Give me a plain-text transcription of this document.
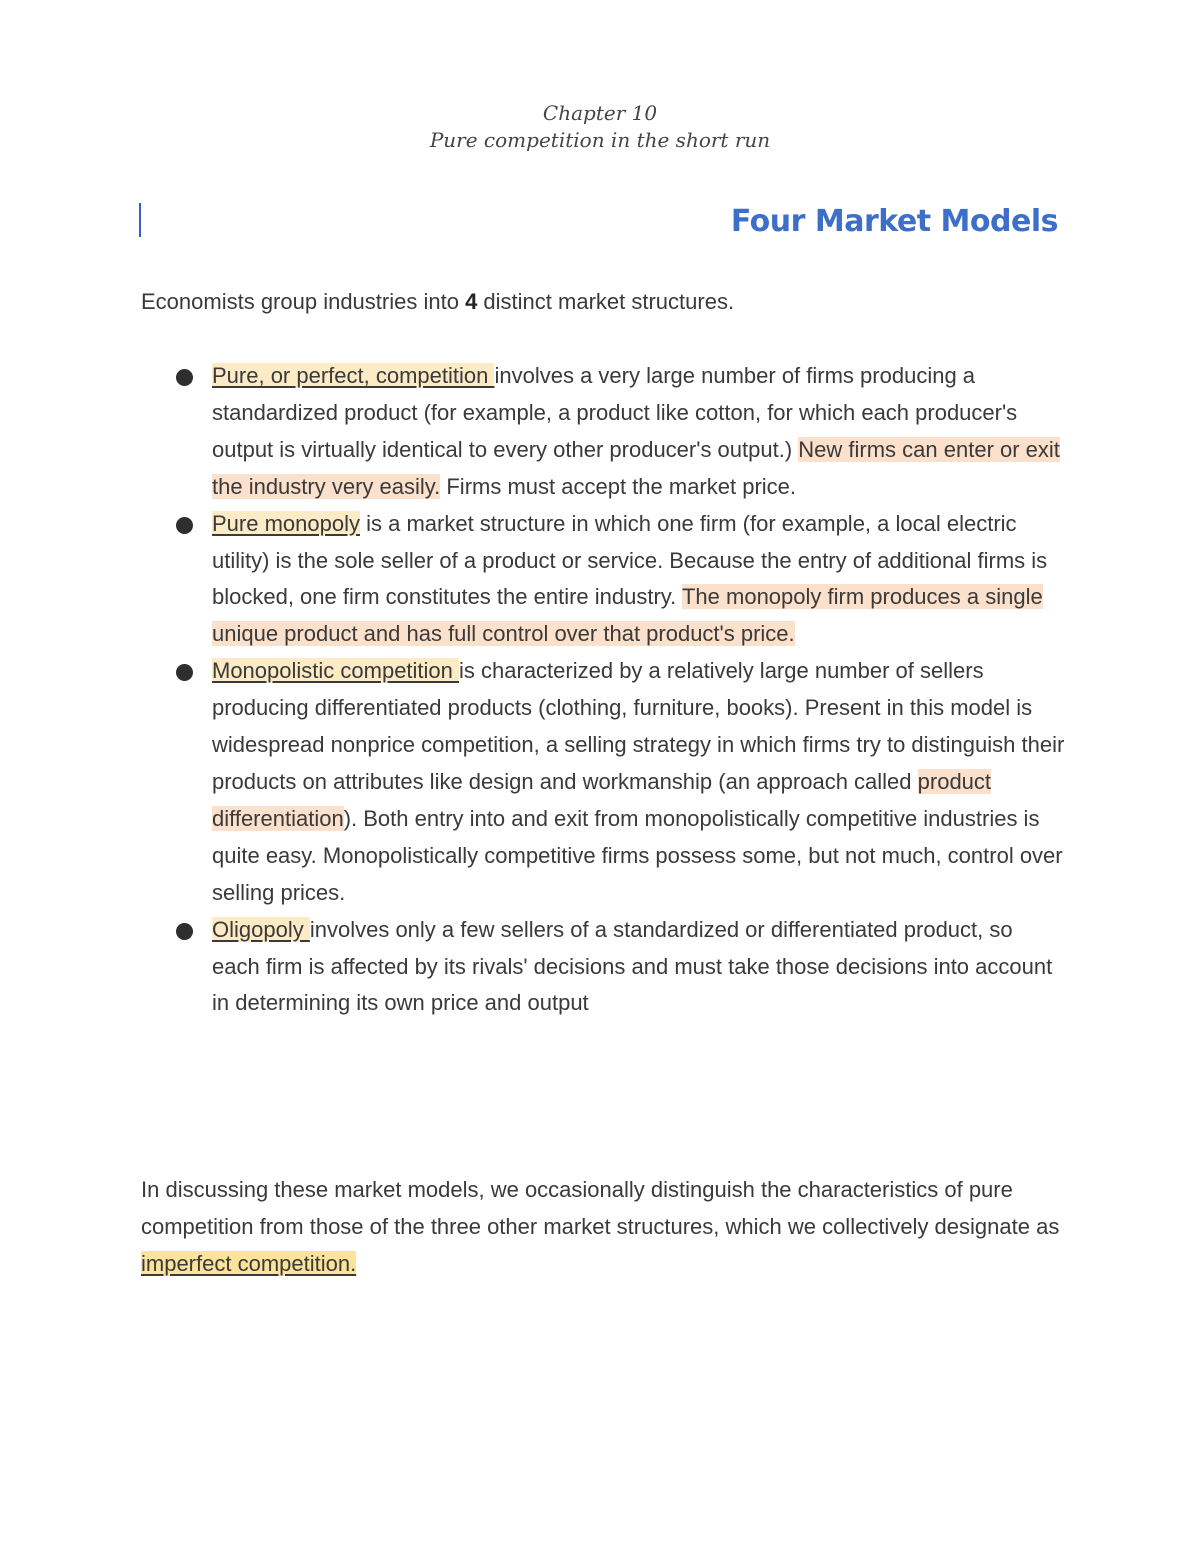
Chapter 10
Pure competition in the short run
Four Market Models

Economists group industries into 4 distinct market structures.

Pure, or perfect, competition involves a very large number of firms producing a standardized product (for example, a product like cotton, for which each producer's output is virtually identical to every other producer's output.) New firms can enter or exit the industry very easily. Firms must accept the market price.
Pure monopoly is a market structure in which one firm (for example, a local electric utility) is the sole seller of a product or service. Because the entry of additional firms is blocked, one firm constitutes the entire industry. The monopoly firm produces a single unique product and has full control over that product's price.
Monopolistic competition is characterized by a relatively large number of sellers producing differentiated products (clothing, furniture, books). Present in this model is widespread nonprice competition, a selling strategy in which firms try to distinguish their products on attributes like design and workmanship (an approach called product differentiation). Both entry into and exit from monopolistically competitive industries is quite easy. Monopolistically competitive firms possess some, but not much, control over selling prices.
Oligopoly involves only a few sellers of a standardized or differentiated product, so each firm is affected by its rivals' decisions and must take those decisions into account in determining its own price and output

In discussing these market models, we occasionally distinguish the characteristics of pure competition from those of the three other market structures, which we collectively designate as imperfect competition.
